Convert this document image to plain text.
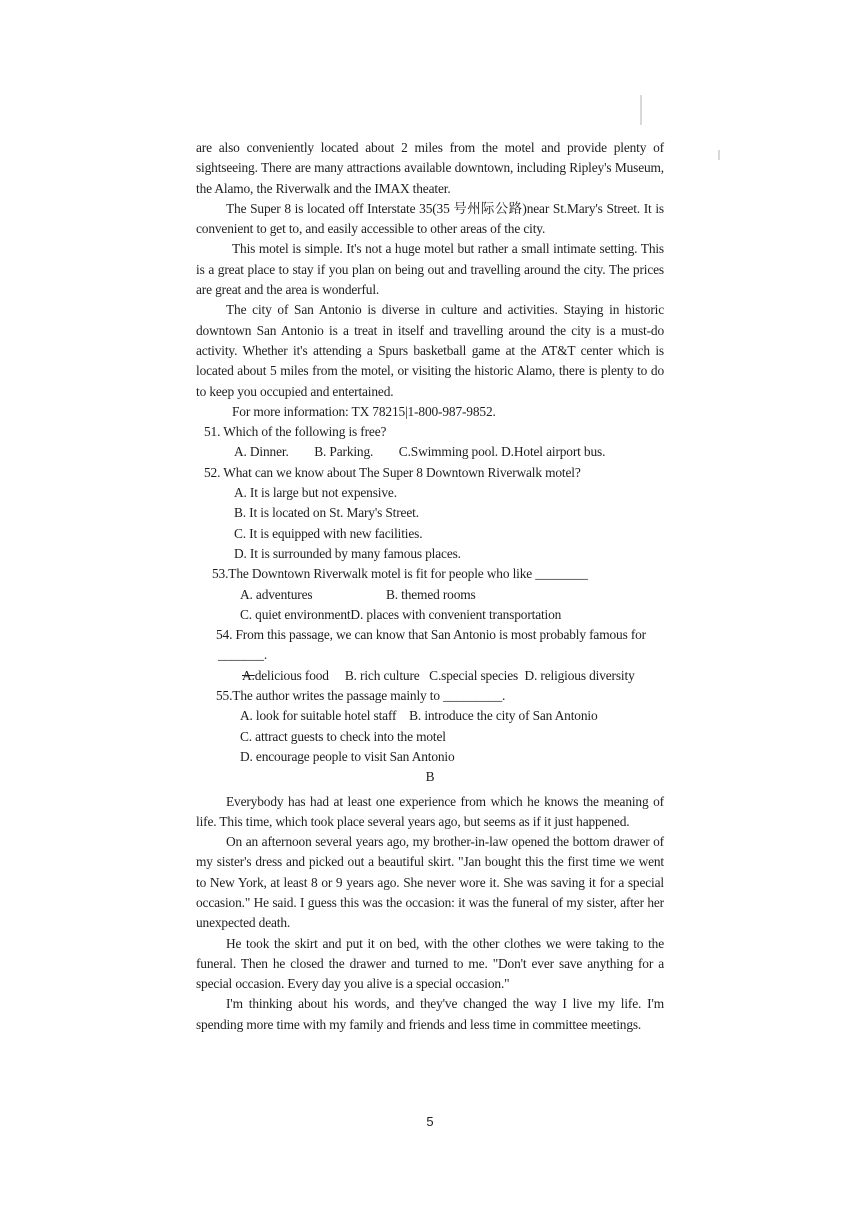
are also conveniently located about 2 miles from the motel and provide plenty of sightseeing. There are many attractions available downtown, including Ripley's Museum, the Alamo, the Riverwalk and the IMAX theater.

The Super 8 is located off Interstate 35(35 号州际公路)near St.Mary's Street. It is convenient to get to, and easily accessible to other areas of the city.

This motel is simple. It's not a huge motel but rather a small intimate setting. This is a great place to stay if you plan on being out and travelling around the city. The prices are great and the area is wonderful.

The city of San Antonio is diverse in culture and activities. Staying in historic downtown San Antonio is a treat in itself and travelling around the city is a must-do activity. Whether it's attending a Spurs basketball game at the AT&T center which is located about 5 miles from the motel, or visiting the historic Alamo, there is plenty to do to keep you occupied and entertained.

For more information: TX 78215|1-800-987-9852.

51. Which of the following is free?

A. Dinner.        B. Parking.        C.Swimming pool. D.Hotel airport bus.

52. What can we know about The Super 8 Downtown Riverwalk motel?

A. It is large but not expensive.

B. It is located on St. Mary's Street.

C. It is equipped with new facilities.

D. It is surrounded by many famous places.

53.The Downtown Riverwalk motel is fit for people who like ________

A. adventures                       B. themed rooms

C. quiet environmentD. places with convenient transportation

54. From this passage, we can know that San Antonio is most probably famous for

_______.

A.delicious food     B. rich culture   C.special species  D. religious diversity

55.The author writes the passage mainly to _________.

A. look for suitable hotel staff    B. introduce the city of San Antonio

C. attract guests to check into the motel

D. encourage people to visit San Antonio

B

Everybody has had at least one experience from which he knows the meaning of life. This time, which took place several years ago, but seems as if it just happened.

On an afternoon several years ago, my brother-in-law opened the bottom drawer of my sister's dress and picked out a beautiful skirt. "Jan bought this the first time we went to New York, at least 8 or 9 years ago. She never wore it. She was saving it for a special occasion." He said. I guess this was the occasion: it was the funeral of my sister, after her unexpected death.

He took the skirt and put it on bed, with the other clothes we were taking to the funeral. Then he closed the drawer and turned to me. "Don't ever save anything for a special occasion. Every day you alive is a special occasion."

I'm thinking about his words, and they've changed the way I live my life. I'm spending more time with my family and friends and less time in committee meetings.

5
